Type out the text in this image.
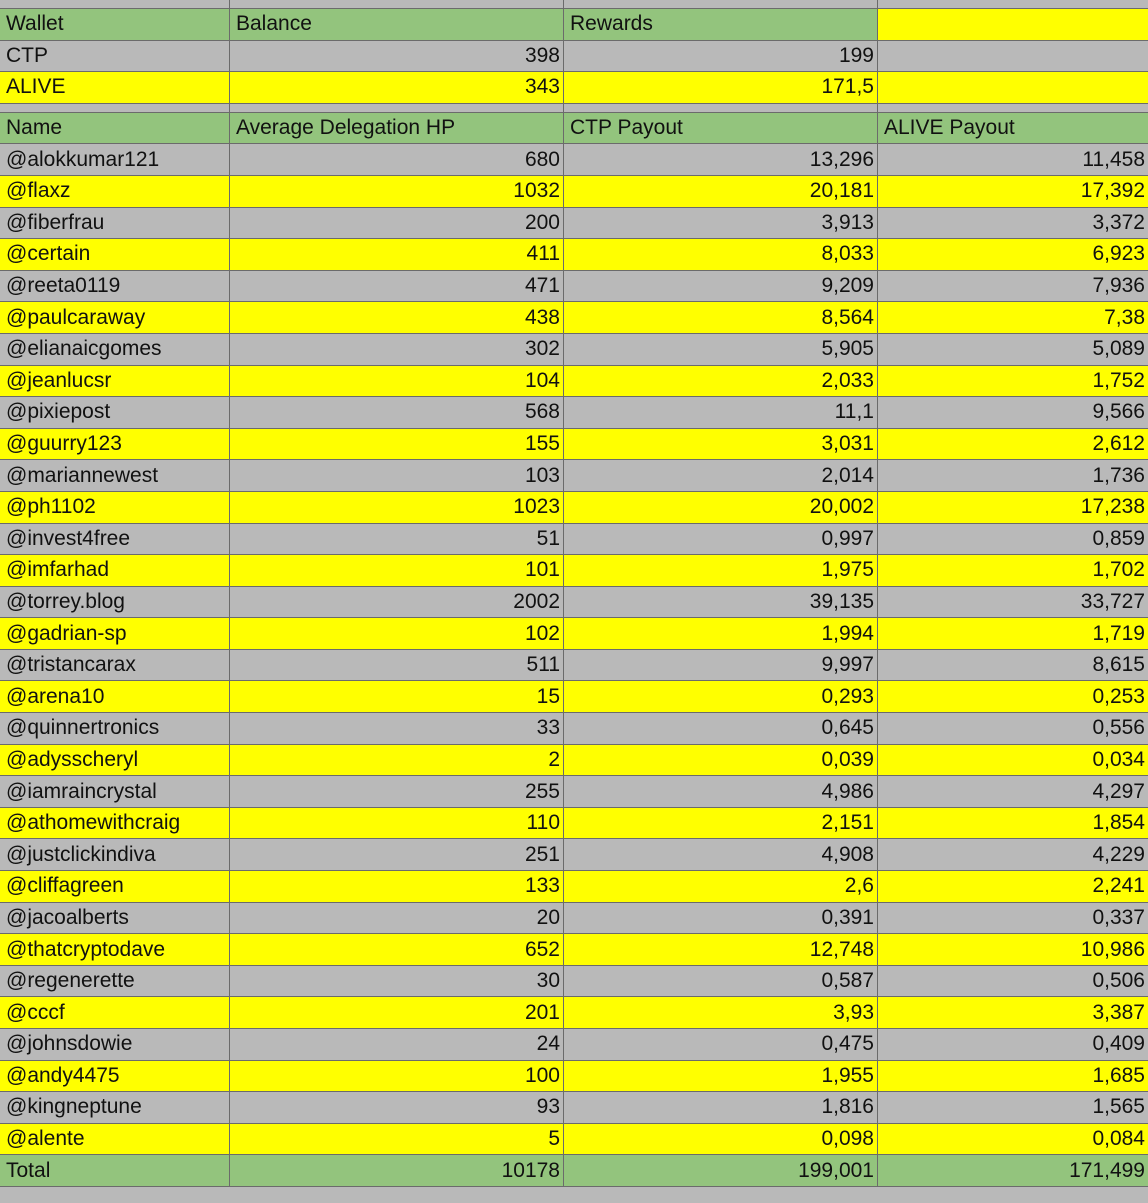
Wallet	Balance	Rewards
CTP	398	199
ALIVE	343	171,5
Name	Average Delegation HP	CTP Payout	ALIVE Payout
@alokkumar121	680	13,296	11,458
@flaxz	1032	20,181	17,392
@fiberfrau	200	3,913	3,372
@certain	411	8,033	6,923
@reeta0119	471	9,209	7,936
@paulcaraway	438	8,564	7,38
@elianaicgomes	302	5,905	5,089
@jeanlucsr	104	2,033	1,752
@pixiepost	568	11,1	9,566
@guurry123	155	3,031	2,612
@mariannewest	103	2,014	1,736
@ph1102	1023	20,002	17,238
@invest4free	51	0,997	0,859
@imfarhad	101	1,975	1,702
@torrey.blog	2002	39,135	33,727
@gadrian-sp	102	1,994	1,719
@tristancarax	511	9,997	8,615
@arena10	15	0,293	0,253
@quinnertronics	33	0,645	0,556
@adysscheryl	2	0,039	0,034
@iamraincrystal	255	4,986	4,297
@athomewithcraig	110	2,151	1,854
@justclickindiva	251	4,908	4,229
@cliffagreen	133	2,6	2,241
@jacoalberts	20	0,391	0,337
@thatcryptodave	652	12,748	10,986
@regenerette	30	0,587	0,506
@cccf	201	3,93	3,387
@johnsdowie	24	0,475	0,409
@andy4475	100	1,955	1,685
@kingneptune	93	1,816	1,565
@alente	5	0,098	0,084
Total	10178	199,001	171,499
